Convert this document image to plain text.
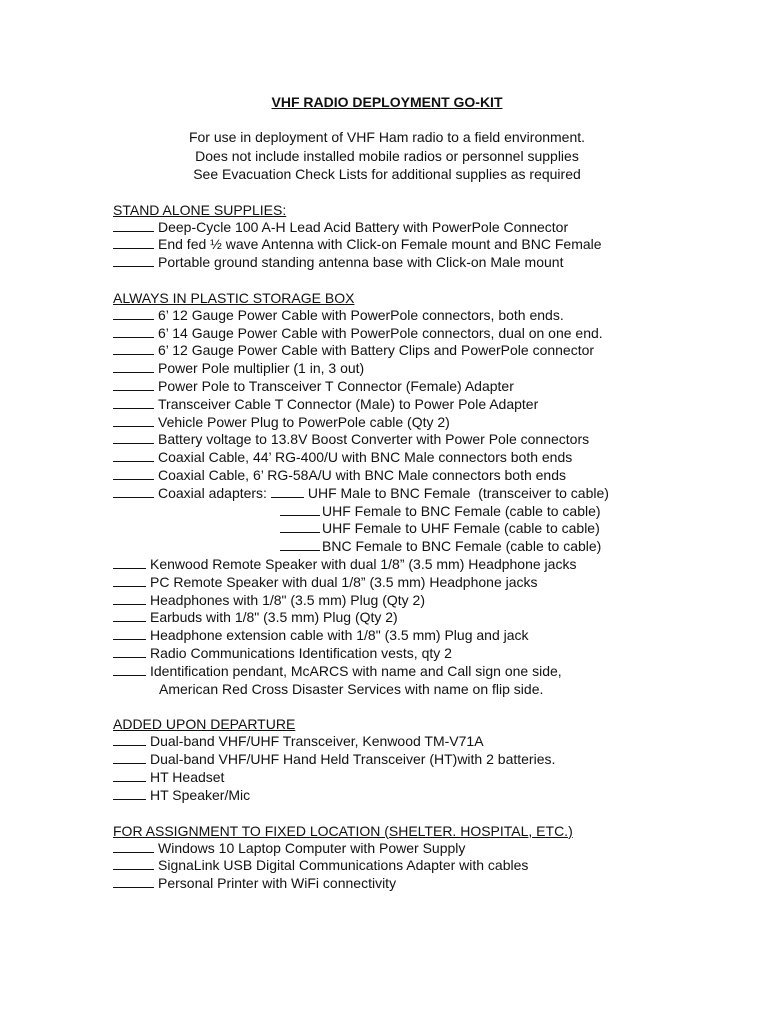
VHF RADIO DEPLOYMENT GO-KIT
For use in deployment of VHF Ham radio to a field environment.
Does not include installed mobile radios or personnel supplies
See Evacuation Check Lists for additional supplies as required
STAND ALONE SUPPLIES:
Deep-Cycle 100 A-H Lead Acid Battery with PowerPole Connector
End fed ½ wave Antenna with Click-on Female mount and BNC Female
Portable ground standing antenna base with Click-on Male mount
ALWAYS IN PLASTIC STORAGE BOX
6’ 12 Gauge Power Cable with PowerPole connectors, both ends.
6’ 14 Gauge Power Cable with PowerPole connectors, dual on one end.
6’ 12 Gauge Power Cable with Battery Clips and PowerPole connector
Power Pole multiplier (1 in, 3 out)
Power Pole to Transceiver T Connector (Female) Adapter
Transceiver Cable T Connector (Male) to Power Pole Adapter
Vehicle Power Plug to PowerPole cable (Qty 2)
Battery voltage to 13.8V Boost Converter with Power Pole connectors
Coaxial Cable, 44’ RG-400/U with BNC Male connectors both ends
Coaxial Cable, 6’ RG-58A/U with BNC Male connectors both ends
Coaxial adapters:	UHF Male to BNC Female  (transceiver to cable)
UHF Female to BNC Female (cable to cable)
UHF Female to UHF Female (cable to cable)
BNC Female to BNC Female (cable to cable)
Kenwood Remote Speaker with dual 1/8” (3.5 mm) Headphone jacks
PC Remote Speaker with dual 1/8” (3.5 mm) Headphone jacks
Headphones with 1/8" (3.5 mm) Plug (Qty 2)
Earbuds with 1/8" (3.5 mm) Plug (Qty 2)
Headphone extension cable with 1/8" (3.5 mm) Plug and jack
Radio Communications Identification vests, qty 2
Identification pendant, McARCS with name and Call sign one side,
American Red Cross Disaster Services with name on flip side.
ADDED UPON DEPARTURE
Dual-band VHF/UHF Transceiver, Kenwood TM-V71A
Dual-band VHF/UHF Hand Held Transceiver (HT)with 2 batteries.
HT Headset
HT Speaker/Mic
FOR ASSIGNMENT TO FIXED LOCATION (SHELTER. HOSPITAL, ETC.)
Windows 10 Laptop Computer with Power Supply
SignaLink USB Digital Communications Adapter with cables
Personal Printer with WiFi connectivity
